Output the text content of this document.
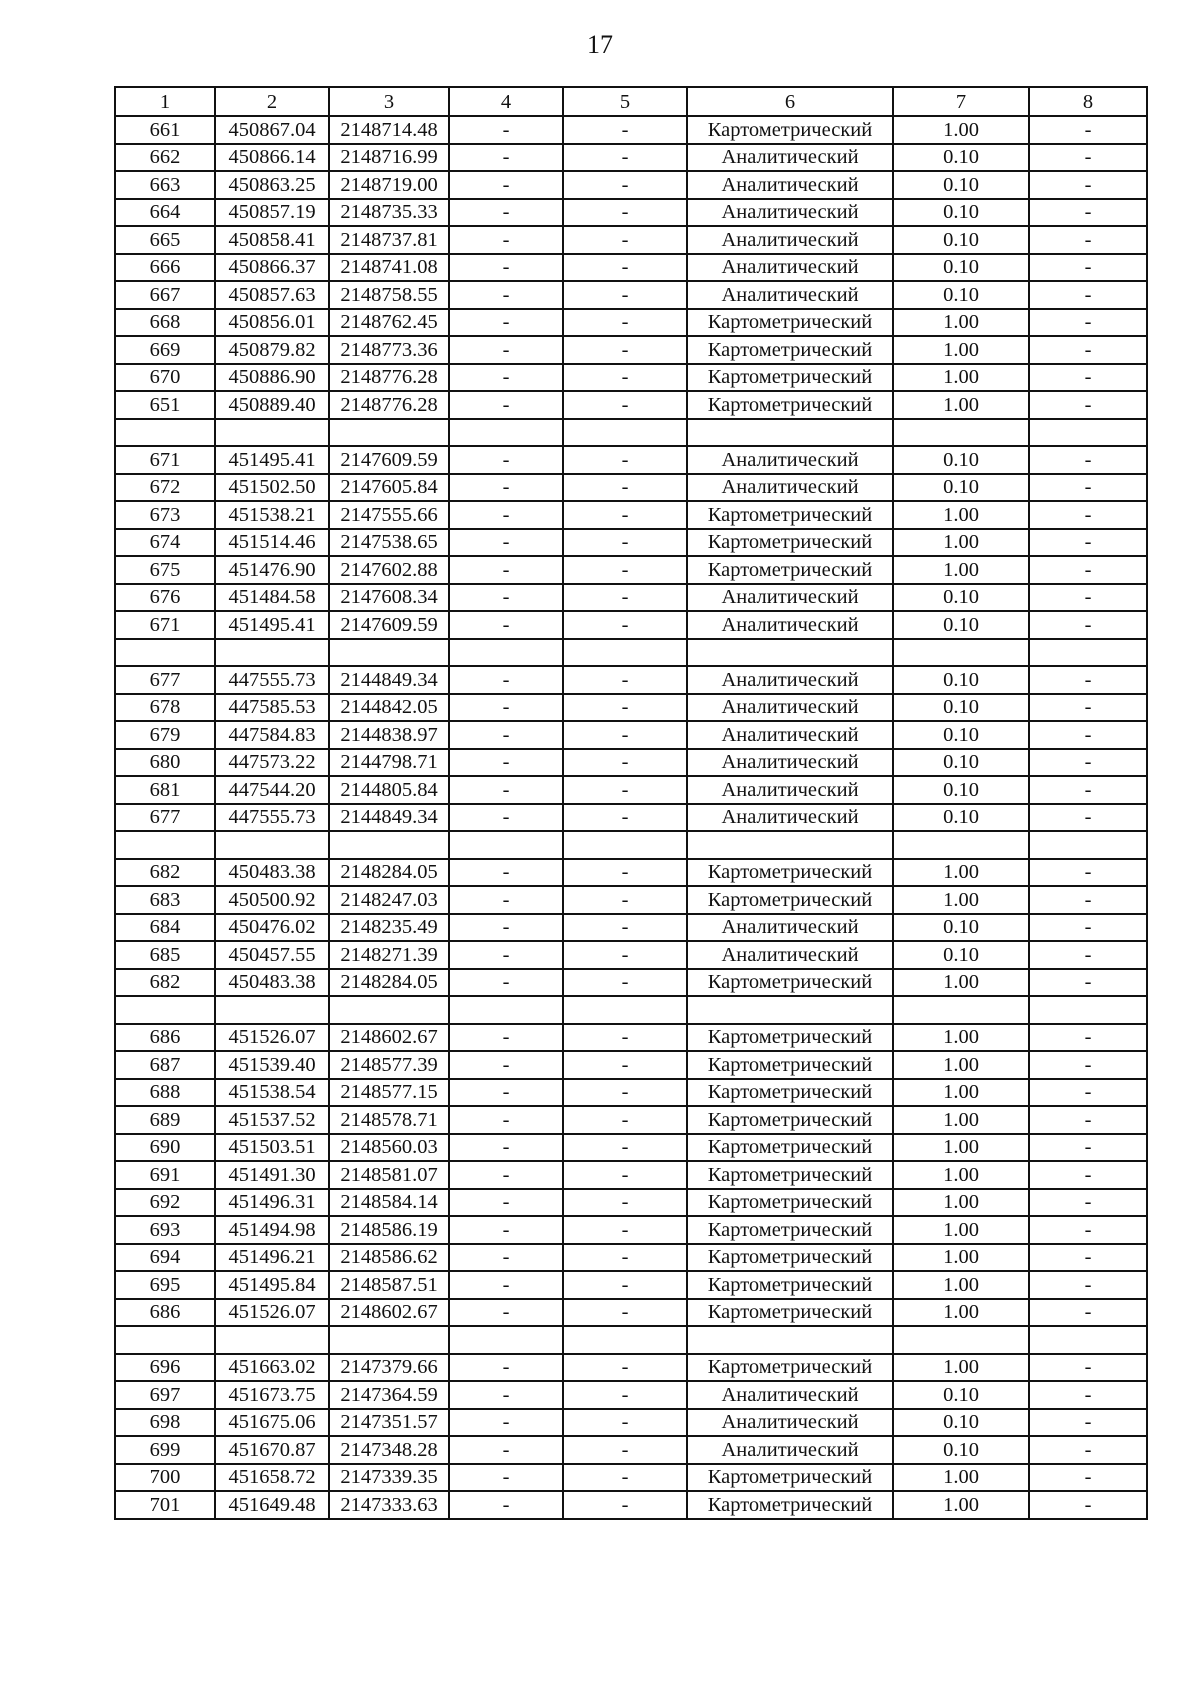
17
1	2	3	4	5	6	7	8
661	450867.04	2148714.48	-	-	Картометрический	1.00	-
662	450866.14	2148716.99	-	-	Аналитический	0.10	-
663	450863.25	2148719.00	-	-	Аналитический	0.10	-
664	450857.19	2148735.33	-	-	Аналитический	0.10	-
665	450858.41	2148737.81	-	-	Аналитический	0.10	-
666	450866.37	2148741.08	-	-	Аналитический	0.10	-
667	450857.63	2148758.55	-	-	Аналитический	0.10	-
668	450856.01	2148762.45	-	-	Картометрический	1.00	-
669	450879.82	2148773.36	-	-	Картометрический	1.00	-
670	450886.90	2148776.28	-	-	Картометрический	1.00	-
651	450889.40	2148776.28	-	-	Картометрический	1.00	-

671	451495.41	2147609.59	-	-	Аналитический	0.10	-
672	451502.50	2147605.84	-	-	Аналитический	0.10	-
673	451538.21	2147555.66	-	-	Картометрический	1.00	-
674	451514.46	2147538.65	-	-	Картометрический	1.00	-
675	451476.90	2147602.88	-	-	Картометрический	1.00	-
676	451484.58	2147608.34	-	-	Аналитический	0.10	-
671	451495.41	2147609.59	-	-	Аналитический	0.10	-

677	447555.73	2144849.34	-	-	Аналитический	0.10	-
678	447585.53	2144842.05	-	-	Аналитический	0.10	-
679	447584.83	2144838.97	-	-	Аналитический	0.10	-
680	447573.22	2144798.71	-	-	Аналитический	0.10	-
681	447544.20	2144805.84	-	-	Аналитический	0.10	-
677	447555.73	2144849.34	-	-	Аналитический	0.10	-

682	450483.38	2148284.05	-	-	Картометрический	1.00	-
683	450500.92	2148247.03	-	-	Картометрический	1.00	-
684	450476.02	2148235.49	-	-	Аналитический	0.10	-
685	450457.55	2148271.39	-	-	Аналитический	0.10	-
682	450483.38	2148284.05	-	-	Картометрический	1.00	-

686	451526.07	2148602.67	-	-	Картометрический	1.00	-
687	451539.40	2148577.39	-	-	Картометрический	1.00	-
688	451538.54	2148577.15	-	-	Картометрический	1.00	-
689	451537.52	2148578.71	-	-	Картометрический	1.00	-
690	451503.51	2148560.03	-	-	Картометрический	1.00	-
691	451491.30	2148581.07	-	-	Картометрический	1.00	-
692	451496.31	2148584.14	-	-	Картометрический	1.00	-
693	451494.98	2148586.19	-	-	Картометрический	1.00	-
694	451496.21	2148586.62	-	-	Картометрический	1.00	-
695	451495.84	2148587.51	-	-	Картометрический	1.00	-
686	451526.07	2148602.67	-	-	Картометрический	1.00	-

696	451663.02	2147379.66	-	-	Картометрический	1.00	-
697	451673.75	2147364.59	-	-	Аналитический	0.10	-
698	451675.06	2147351.57	-	-	Аналитический	0.10	-
699	451670.87	2147348.28	-	-	Аналитический	0.10	-
700	451658.72	2147339.35	-	-	Картометрический	1.00	-
701	451649.48	2147333.63	-	-	Картометрический	1.00	-
